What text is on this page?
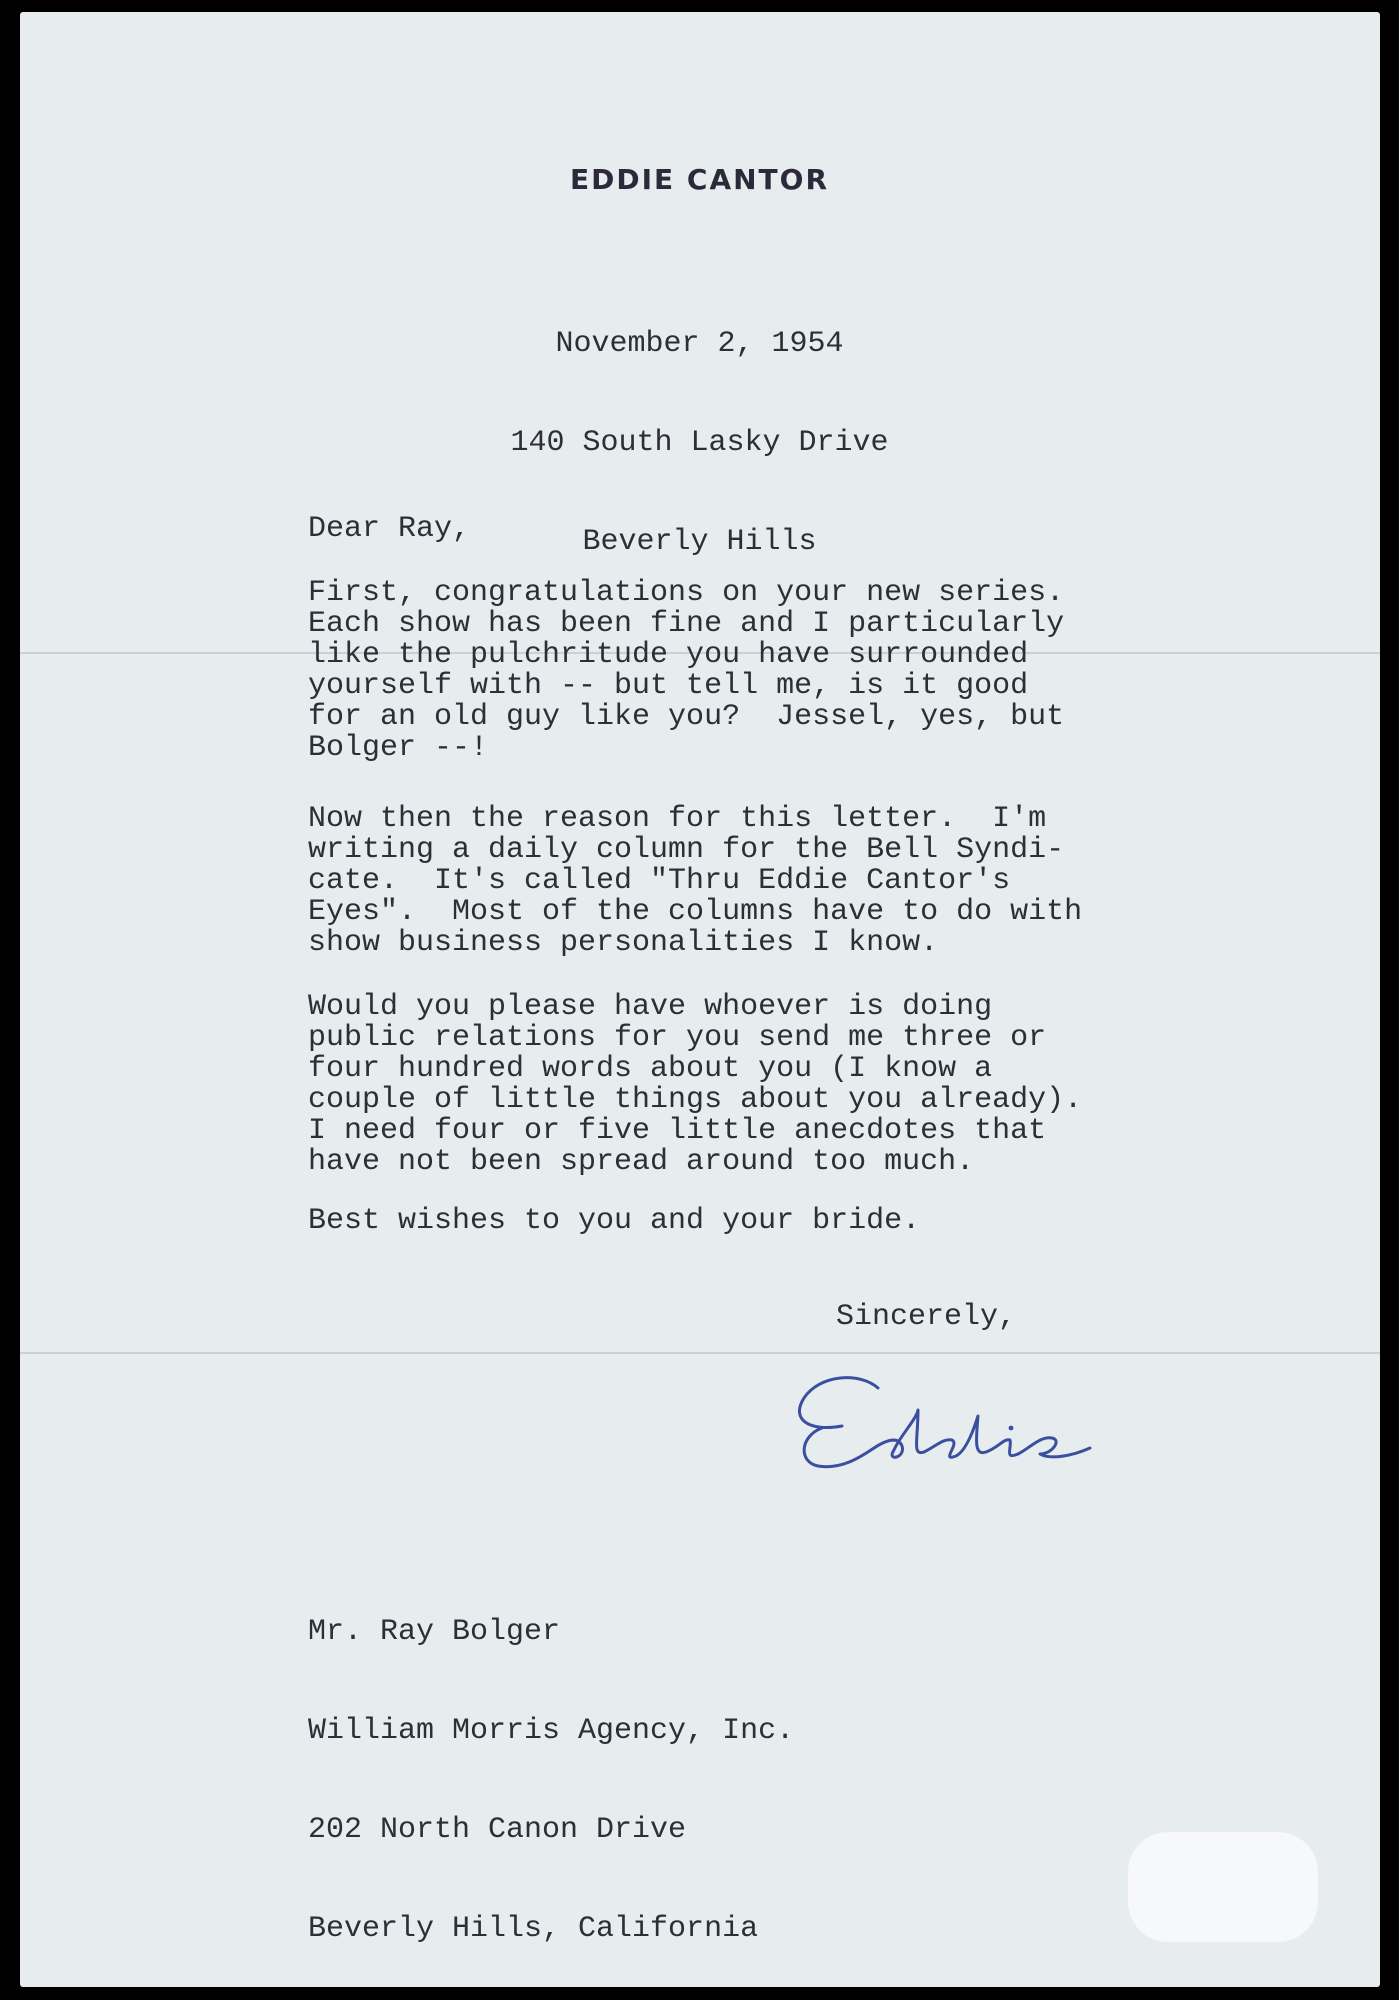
EDDIE CANTOR

November 2, 1954

140 South Lasky Drive

Beverly Hills

Dear Ray,

First, congratulations on your new series.
Each show has been fine and I particularly
like the pulchritude you have surrounded
yourself with -- but tell me, is it good
for an old guy like you?  Jessel, yes, but
Bolger --!

Now then the reason for this letter.  I'm
writing a daily column for the Bell Syndi-
cate.  It's called "Thru Eddie Cantor's
Eyes".  Most of the columns have to do with
show business personalities I know.

Would you please have whoever is doing
public relations for you send me three or
four hundred words about you (I know a
couple of little things about you already).
I need four or five little anecdotes that
have not been spread around too much.

Best wishes to you and your bride.

Sincerely,

Mr. Ray Bolger

William Morris Agency, Inc.

202 North Canon Drive

Beverly Hills, California
